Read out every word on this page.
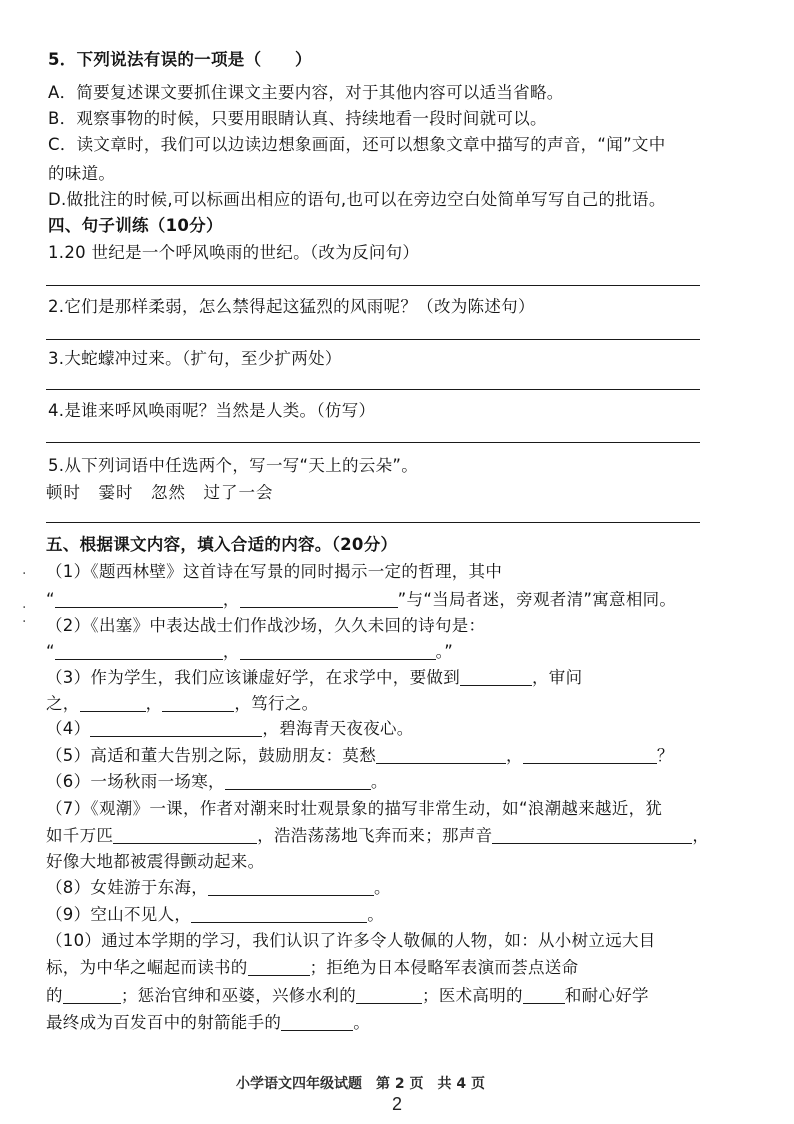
5．下列说法有误的一项是（　　）
A．简要复述课文要抓住课文主要内容，对于其他内容可以适当省略。
B．观察事物的时候，只要用眼睛认真、持续地看一段时间就可以。
C．读文章时，我们可以边读边想象画面，还可以想象文章中描写的声音，“闻”文中
的味道。
D.做批注的时候,可以标画出相应的语句,也可以在旁边空白处简单写写自己的批语。
四、句子训练（10分）
1.20 世纪是一个呼风唤雨的世纪。（改为反问句）
2.它们是那样柔弱，怎么禁得起这猛烈的风雨呢？（改为陈述句）
3.大蛇蠓冲过来。（扩句，至少扩两处）
4.是谁来呼风唤雨呢？当然是人类。（仿写）
5.从下列词语中任选两个，写一写“天上的云朵”。
顿时　霎时　忽然　过了一会
五、根据课文内容，填入合适的内容。（20分）
·
·
·
（1）《题西林壁》这首诗在写景的同时揭示一定的哲理，其中
“	，	”与“当局者迷，旁观者清”寓意相同。
（2）《出塞》中表达战士们作战沙场，久久未回的诗句是：
“	，	。”
（3）作为学生，我们应该谦虚好学，在求学中，要做到	，审问
之，	，	，笃行之。
（4）	，碧海青天夜夜心。
（5）高适和董大告别之际，鼓励朋友：莫愁	，	？
（6）一场秋雨一场寒，	。
（7）《观潮》一课，作者对潮来时壮观景象的描写非常生动，如“浪潮越来越近，犹
如千万匹	，浩浩荡荡地飞奔而来；那声音	，
好像大地都被震得颤动起来。
（8）女娃游于东海，	。
（9）空山不见人，	。
（10）通过本学期的学习，我们认识了许多令人敬佩的人物，如：从小树立远大目
标，为中华之崛起而读书的	；拒绝为日本侵略军表演而荟点送命
的	；惩治官绅和巫婆，兴修水利的	；医术高明的	和耐心好学
最终成为百发百中的射箭能手的	。
小学语文四年级试题　第 2 页　共 4 页
2
